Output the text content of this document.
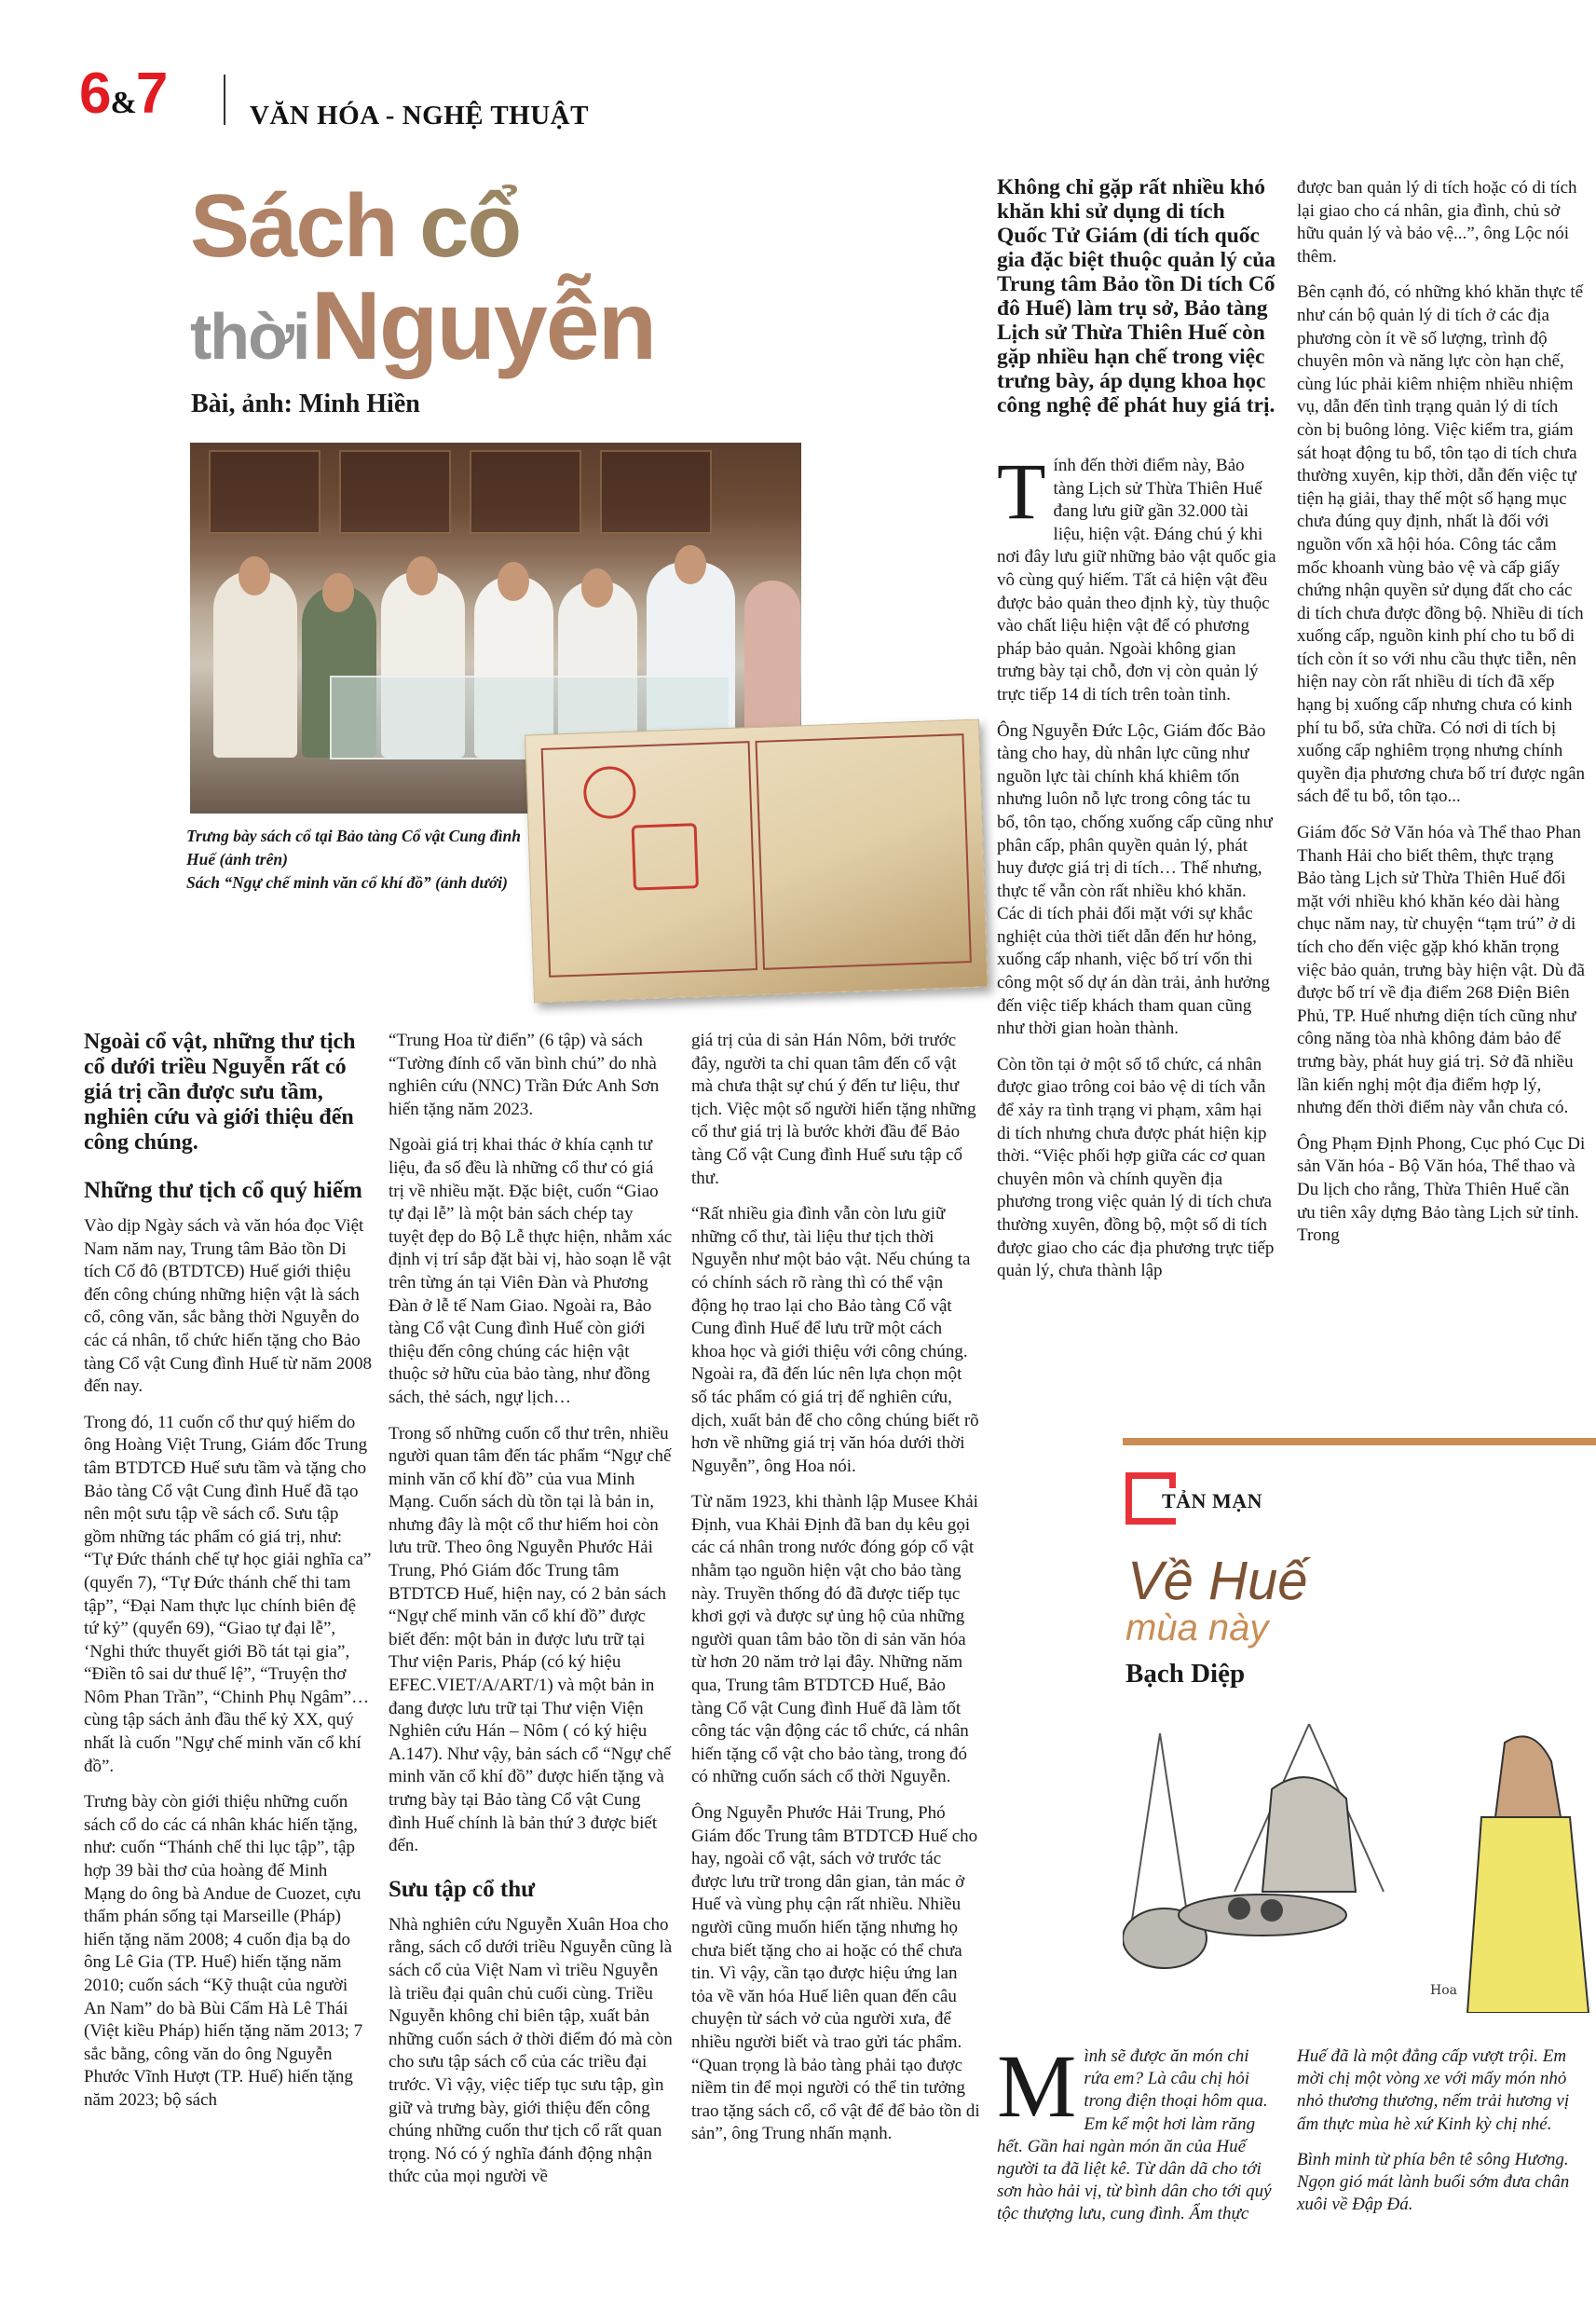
6&7	VĂN HÓA - NGHỆ THUẬT
Sách cổ
thời Nguyễn
Bài, ảnh: Minh Hiền
Trưng bày sách cổ tại Bảo tàng Cổ vật Cung đình Huế (ảnh trên)
Sách “Ngự chế minh văn cổ khí đồ” (ảnh dưới)

Không chỉ gặp rất nhiều khó khăn khi sử dụng di tích Quốc Tử Giám (di tích quốc gia đặc biệt thuộc quản lý của Trung tâm Bảo tồn Di tích Cố đô Huế) làm trụ sở, Bảo tàng Lịch sử Thừa Thiên Huế còn gặp nhiều hạn chế trong việc trưng bày, áp dụng khoa học công nghệ để phát huy giá trị.

Tính đến thời điểm này, Bảo tàng Lịch sử Thừa Thiên Huế đang lưu giữ gần 32.000 tài liệu, hiện vật. Đáng chú ý khi nơi đây lưu giữ những bảo vật quốc gia vô cùng quý hiếm. Tất cả hiện vật đều được bảo quản theo định kỳ, tùy thuộc vào chất liệu hiện vật để có phương pháp bảo quản. Ngoài không gian trưng bày tại chỗ, đơn vị còn quản lý trực tiếp 14 di tích trên toàn tỉnh.

Ông Nguyễn Đức Lộc, Giám đốc Bảo tàng cho hay, dù nhân lực cũng như nguồn lực tài chính khá khiêm tốn nhưng luôn nỗ lực trong công tác tu bổ, tôn tạo, chống xuống cấp cũng như phân cấp, phân quyền quản lý, phát huy được giá trị di tích… Thế nhưng, thực tế vẫn còn rất nhiều khó khăn. Các di tích phải đối mặt với sự khắc nghiệt của thời tiết dẫn đến hư hỏng, xuống cấp nhanh, việc bố trí vốn thi công một số dự án dàn trải, ảnh hưởng đến việc tiếp khách tham quan cũng như thời gian hoàn thành.

Còn tồn tại ở một số tổ chức, cá nhân được giao trông coi bảo vệ di tích vẫn để xảy ra tình trạng vi phạm, xâm hại di tích nhưng chưa được phát hiện kịp thời. “Việc phối hợp giữa các cơ quan chuyên môn và chính quyền địa phương trong việc quản lý di tích chưa thường xuyên, đồng bộ, một số di tích được giao cho các địa phương trực tiếp quản lý, chưa thành lập

được ban quản lý di tích hoặc có di tích lại giao cho cá nhân, gia đình, chủ sở hữu quản lý và bảo vệ...”, ông Lộc nói thêm.

Bên cạnh đó, có những khó khăn thực tế như cán bộ quản lý di tích ở các địa phương còn ít về số lượng, trình độ chuyên môn và năng lực còn hạn chế, cùng lúc phải kiêm nhiệm nhiều nhiệm vụ, dẫn đến tình trạng quản lý di tích còn bị buông lỏng. Việc kiểm tra, giám sát hoạt động tu bổ, tôn tạo di tích chưa thường xuyên, kịp thời, dẫn đến việc tự tiện hạ giải, thay thế một số hạng mục chưa đúng quy định, nhất là đối với nguồn vốn xã hội hóa. Công tác cắm mốc khoanh vùng bảo vệ và cấp giấy chứng nhận quyền sử dụng đất cho các di tích chưa được đồng bộ. Nhiều di tích xuống cấp, nguồn kinh phí cho tu bổ di tích còn ít so với nhu cầu thực tiễn, nên hiện nay còn rất nhiều di tích đã xếp hạng bị xuống cấp nhưng chưa có kinh phí tu bổ, sửa chữa. Có nơi di tích bị xuống cấp nghiêm trọng nhưng chính quyền địa phương chưa bố trí được ngân sách để tu bổ, tôn tạo...

Giám đốc Sở Văn hóa và Thể thao Phan Thanh Hải cho biết thêm, thực trạng Bảo tàng Lịch sử Thừa Thiên Huế đối mặt với nhiều khó khăn kéo dài hàng chục năm nay, từ chuyện “tạm trú” ở di tích cho đến việc gặp khó khăn trọng việc bảo quản, trưng bày hiện vật. Dù đã được bố trí về địa điểm 268 Điện Biên Phủ, TP. Huế nhưng diện tích cũng như công năng tòa nhà không đảm bảo để trưng bày, phát huy giá trị. Sở đã nhiều lần kiến nghị một địa điểm hợp lý, nhưng đến thời điểm này vẫn chưa có.

Ông Phạm Định Phong, Cục phó Cục Di sản Văn hóa - Bộ Văn hóa, Thể thao và Du lịch cho rằng, Thừa Thiên Huế cần ưu tiên xây dựng Bảo tàng Lịch sử tỉnh. Trong

Ngoài cổ vật, những thư tịch cổ dưới triều Nguyễn rất có giá trị cần được sưu tầm, nghiên cứu và giới thiệu đến công chúng.

Những thư tịch cổ quý hiếm

Vào dịp Ngày sách và văn hóa đọc Việt Nam năm nay, Trung tâm Bảo tồn Di tích Cố đô (BTDTCĐ) Huế giới thiệu đến công chúng những hiện vật là sách cổ, công văn, sắc bằng thời Nguyễn do các cá nhân, tổ chức hiến tặng cho Bảo tàng Cổ vật Cung đình Huế từ năm 2008 đến nay.

Trong đó, 11 cuốn cổ thư quý hiếm do ông Hoàng Việt Trung, Giám đốc Trung tâm BTDTCĐ Huế sưu tầm và tặng cho Bảo tàng Cổ vật Cung đình Huế đã tạo nên một sưu tập về sách cổ. Sưu tập gồm những tác phẩm có giá trị, như: “Tự Đức thánh chế tự học giải nghĩa ca” (quyển 7), “Tự Đức thánh chế thi tam tập”, “Đại Nam thực lục chính biên đệ tứ kỷ” (quyển 69), “Giao tự đại lễ”, ‘Nghi thức thuyết giới Bồ tát tại gia”, “Điền tô sai dư thuế lệ”, “Truyện thơ Nôm Phan Trần”, “Chinh Phụ Ngâm”… cùng tập sách ảnh đầu thế kỷ XX, quý nhất là cuốn "Ngự chế minh văn cổ khí đồ”.

Trưng bày còn giới thiệu những cuốn sách cổ do các cá nhân khác hiến tặng, như: cuốn “Thánh chế thi lục tập”, tập hợp 39 bài thơ của hoàng đế Minh Mạng do ông bà Andue de Cuozet, cựu thẩm phán sống tại Marseille (Pháp) hiến tặng năm 2008; 4 cuốn địa bạ do ông Lê Gia (TP. Huế) hiến tặng năm 2010; cuốn sách “Kỹ thuật của người An Nam” do bà Bùi Cẩm Hà Lê Thái (Việt kiều Pháp) hiến tặng năm 2013; 7 sắc bằng, công văn do ông Nguyễn Phước Vĩnh Hượt (TP. Huế) hiến tặng năm 2023; bộ sách

“Trung Hoa từ điển” (6 tập) và sách “Tường đính cổ văn bình chú” do nhà nghiên cứu (NNC) Trần Đức Anh Sơn hiến tặng năm 2023.

Ngoài giá trị khai thác ở khía cạnh tư liệu, đa số đều là những cổ thư có giá trị về nhiều mặt. Đặc biệt, cuốn “Giao tự đại lễ” là một bản sách chép tay tuyệt đẹp do Bộ Lễ thực hiện, nhằm xác định vị trí sắp đặt bài vị, hào soạn lễ vật trên từng án tại Viên Đàn và Phương Đàn ở lễ tế Nam Giao. Ngoài ra, Bảo tàng Cổ vật Cung đình Huế còn giới thiệu đến công chúng các hiện vật thuộc sở hữu của bảo tàng, như đồng sách, thẻ sách, ngự lịch…

Trong số những cuốn cổ thư trên, nhiều người quan tâm đến tác phẩm “Ngự chế minh văn cổ khí đồ” của vua Minh Mạng. Cuốn sách dù tồn tại là bản in, nhưng đây là một cổ thư hiếm hoi còn lưu trữ. Theo ông Nguyễn Phước Hải Trung, Phó Giám đốc Trung tâm BTDTCĐ Huế, hiện nay, có 2 bản sách “Ngự chế minh văn cổ khí đồ” được biết đến: một bản in được lưu trữ tại Thư viện Paris, Pháp (có ký hiệu EFEC.VIET/A/ART/1) và một bản in đang được lưu trữ tại Thư viện Viện Nghiên cứu Hán – Nôm ( có ký hiệu A.147). Như vậy, bản sách cổ “Ngự chế minh văn cổ khí đồ” được hiến tặng và trưng bày tại Bảo tàng Cổ vật Cung đình Huế chính là bản thứ 3 được biết đến.

Sưu tập cổ thư

Nhà nghiên cứu Nguyễn Xuân Hoa cho rằng, sách cổ dưới triều Nguyễn cũng là sách cổ của Việt Nam vì triều Nguyễn là triều đại quân chủ cuối cùng. Triều Nguyễn không chỉ biên tập, xuất bản những cuốn sách ở thời điểm đó mà còn cho sưu tập sách cổ của các triều đại trước. Vì vậy, việc tiếp tục sưu tập, gìn giữ và trưng bày, giới thiệu đến công chúng những cuốn thư tịch cổ rất quan trọng. Nó có ý nghĩa đánh động nhận thức của mọi người về

giá trị của di sản Hán Nôm, bởi trước đây, người ta chỉ quan tâm đến cổ vật mà chưa thật sự chú ý đến tư liệu, thư tịch. Việc một số người hiến tặng những cổ thư giá trị là bước khởi đầu để Bảo tàng Cổ vật Cung đình Huế sưu tập cổ thư.

“Rất nhiều gia đình vẫn còn lưu giữ những cổ thư, tài liệu thư tịch thời Nguyễn như một bảo vật. Nếu chúng ta có chính sách rõ ràng thì có thể vận động họ trao lại cho Bảo tàng Cổ vật Cung đình Huế để lưu trữ một cách khoa học và giới thiệu với công chúng. Ngoài ra, đã đến lúc nên lựa chọn một số tác phẩm có giá trị để nghiên cứu, dịch, xuất bản để cho công chúng biết rõ hơn về những giá trị văn hóa dưới thời Nguyễn”, ông Hoa nói.

Từ năm 1923, khi thành lập Musee Khải Định, vua Khải Định đã ban dụ kêu gọi các cá nhân trong nước đóng góp cổ vật nhằm tạo nguồn hiện vật cho bảo tàng này. Truyền thống đó đã được tiếp tục khơi gợi và được sự ủng hộ của những người quan tâm bảo tồn di sản văn hóa từ hơn 20 năm trở lại đây. Những năm qua, Trung tâm BTDTCĐ Huế, Bảo tàng Cổ vật Cung đình Huế đã làm tốt công tác vận động các tổ chức, cá nhân hiến tặng cổ vật cho bảo tàng, trong đó có những cuốn sách cổ thời Nguyễn.

Ông Nguyễn Phước Hải Trung, Phó Giám đốc Trung tâm BTDTCĐ Huế cho hay, ngoài cổ vật, sách vở trước tác được lưu trữ trong dân gian, tản mác ở Huế và vùng phụ cận rất nhiều. Nhiều người cũng muốn hiến tặng nhưng họ chưa biết tặng cho ai hoặc có thể chưa tin. Vì vậy, cần tạo được hiệu ứng lan tỏa về văn hóa Huế liên quan đến câu chuyện từ sách vở của người xưa, để nhiều người biết và trao gửi tác phẩm. “Quan trọng là bảo tàng phải tạo được niềm tin để mọi người có thể tin tưởng trao tặng sách cổ, cổ vật để để bảo tồn di sản”, ông Trung nhấn mạnh.

TẢN MẠN
Về Huế
mùa này
Bạch Diệp
Hoa

Mình sẽ được ăn món chi rứa em? Là câu chị hỏi trong điện thoại hôm qua. Em kể một hơi làm răng hết. Gần hai ngàn món ăn của Huế người ta đã liệt kê. Từ dân dã cho tới sơn hào hải vị, từ bình dân cho tới quý tộc thượng lưu, cung đình. Ẩm thực

Huế đã là một đẳng cấp vượt trội. Em mời chị một vòng xe với mấy món nhỏ nhỏ thương thương, nếm trải hương vị ẩm thực mùa hè xứ Kinh kỳ chị nhé.

Bình minh từ phía bên tê sông Hương. Ngọn gió mát lành buổi sớm đưa chân xuôi về Đập Đá.
